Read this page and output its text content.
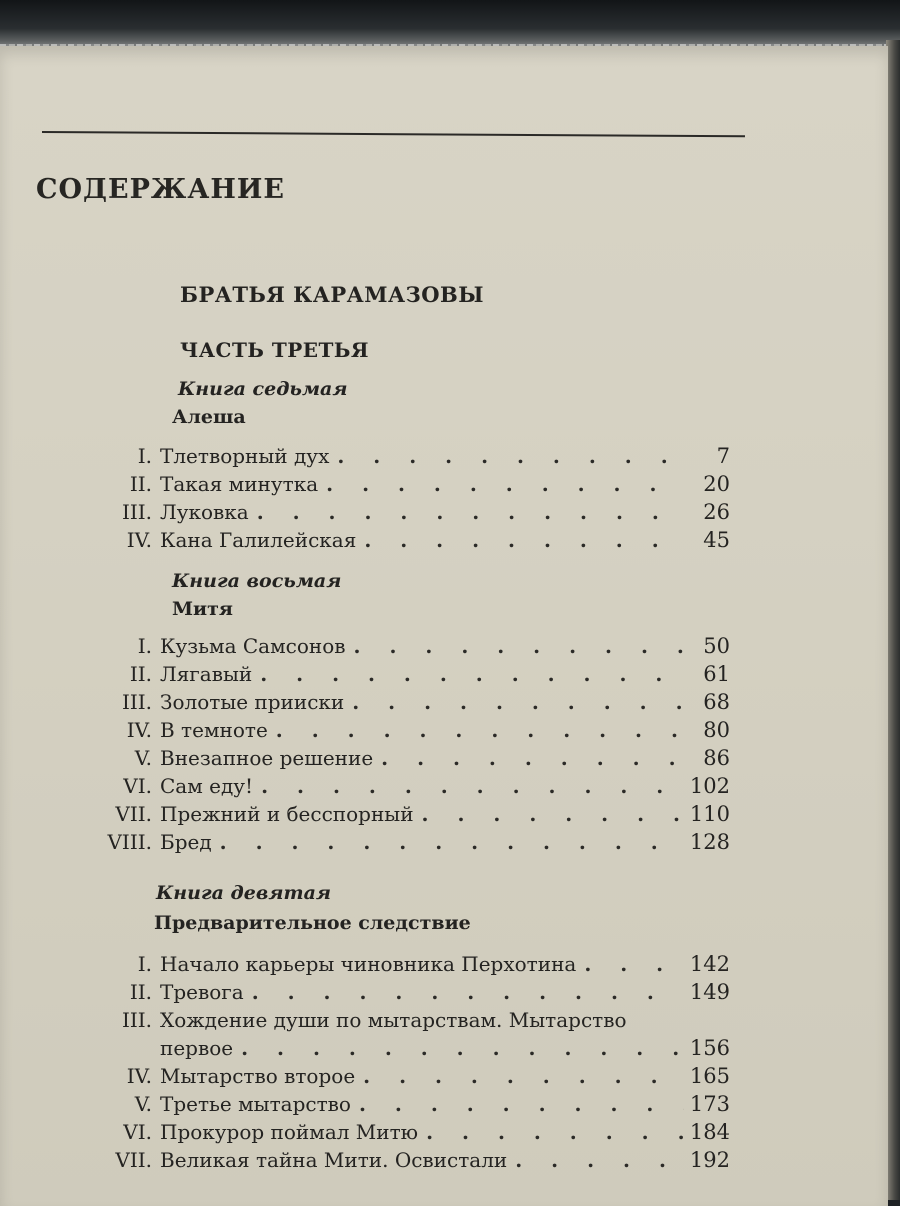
СОДЕРЖАНИЕ
БРАТЬЯ КАРАМАЗОВЫ
ЧАСТЬ ТРЕТЬЯ
Книга седьмая
Алеша
I. Тлетворный дух . . .	7
II. Такая минутка . . .	20
III. Луковка . . .	26
IV. Кана Галилейская . . .	45
Книга восьмая
Митя
I. Кузьма Самсонов . . .	50
II. Лягавый . . .	61
III. Золотые прииски . . .	68
IV. В темноте . . .	80
V. Внезапное решение . . .	86
VI. Сам еду! . . .	102
VII. Прежний и бесспорный . . .	110
VIII. Бред . . .	128
Книга девятая
Предварительное следствие
I. Начало карьеры чиновника Перхотина . . .	142
II. Тревога . . .	149
III. Хождение души по мытарствам. Мытарство
первое . . .	156
IV. Мытарство второе . . .	165
V. Третье мытарство . . .	173
VI. Прокурор поймал Митю . . .	184
VII. Великая тайна Мити. Освистали . . .	192
